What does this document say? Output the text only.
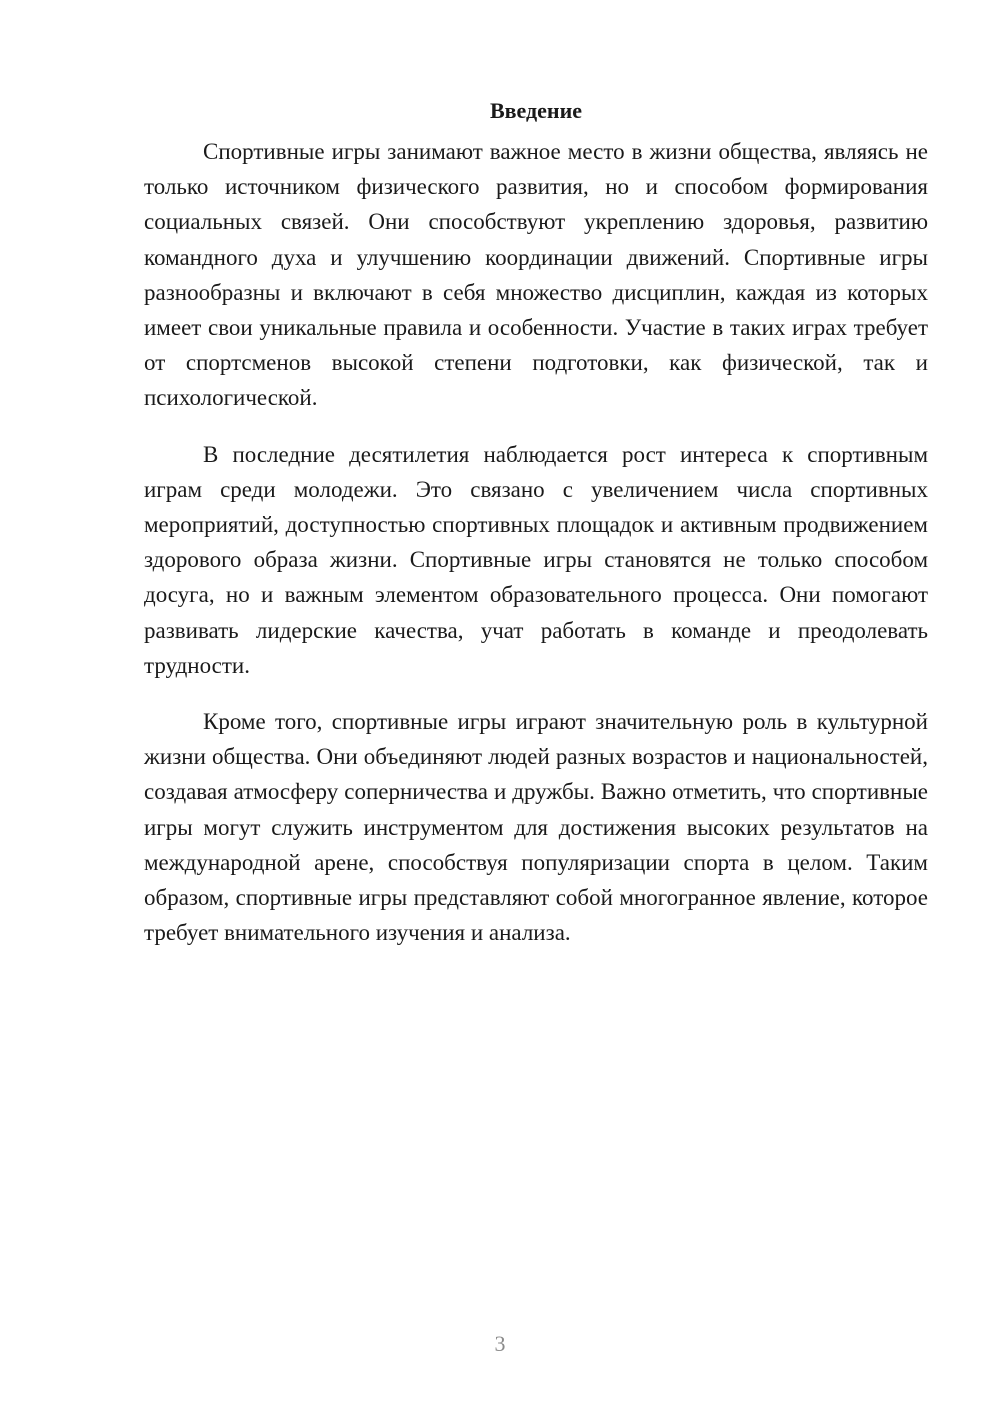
Введение

Спортивные игры занимают важное место в жизни общества, являясь не только источником физического развития, но и способом формирования социальных связей. Они способствуют укреплению здоровья, развитию командного духа и улучшению координации движений. Спортивные игры разнообразны и включают в себя множество дисциплин, каждая из которых имеет свои уникальные правила и особенности. Участие в таких играх требует от спортсменов высокой степени подготовки, как физической, так и психологической.

В последние десятилетия наблюдается рост интереса к спортивным играм среди молодежи. Это связано с увеличением числа спортивных мероприятий, доступностью спортивных площадок и активным продвижением здорового образа жизни. Спортивные игры становятся не только способом досуга, но и важным элементом образовательного процесса. Они помогают развивать лидерские качества, учат работать в команде и преодолевать трудности.

Кроме того, спортивные игры играют значительную роль в культурной жизни общества. Они объединяют людей разных возрастов и национальностей, создавая атмосферу соперничества и дружбы. Важно отметить, что спортивные игры могут служить инструментом для достижения высоких результатов на международной арене, способствуя популяризации спорта в целом. Таким образом, спортивные игры представляют собой многогранное явление, которое требует внимательного изучения и анализа.

3
